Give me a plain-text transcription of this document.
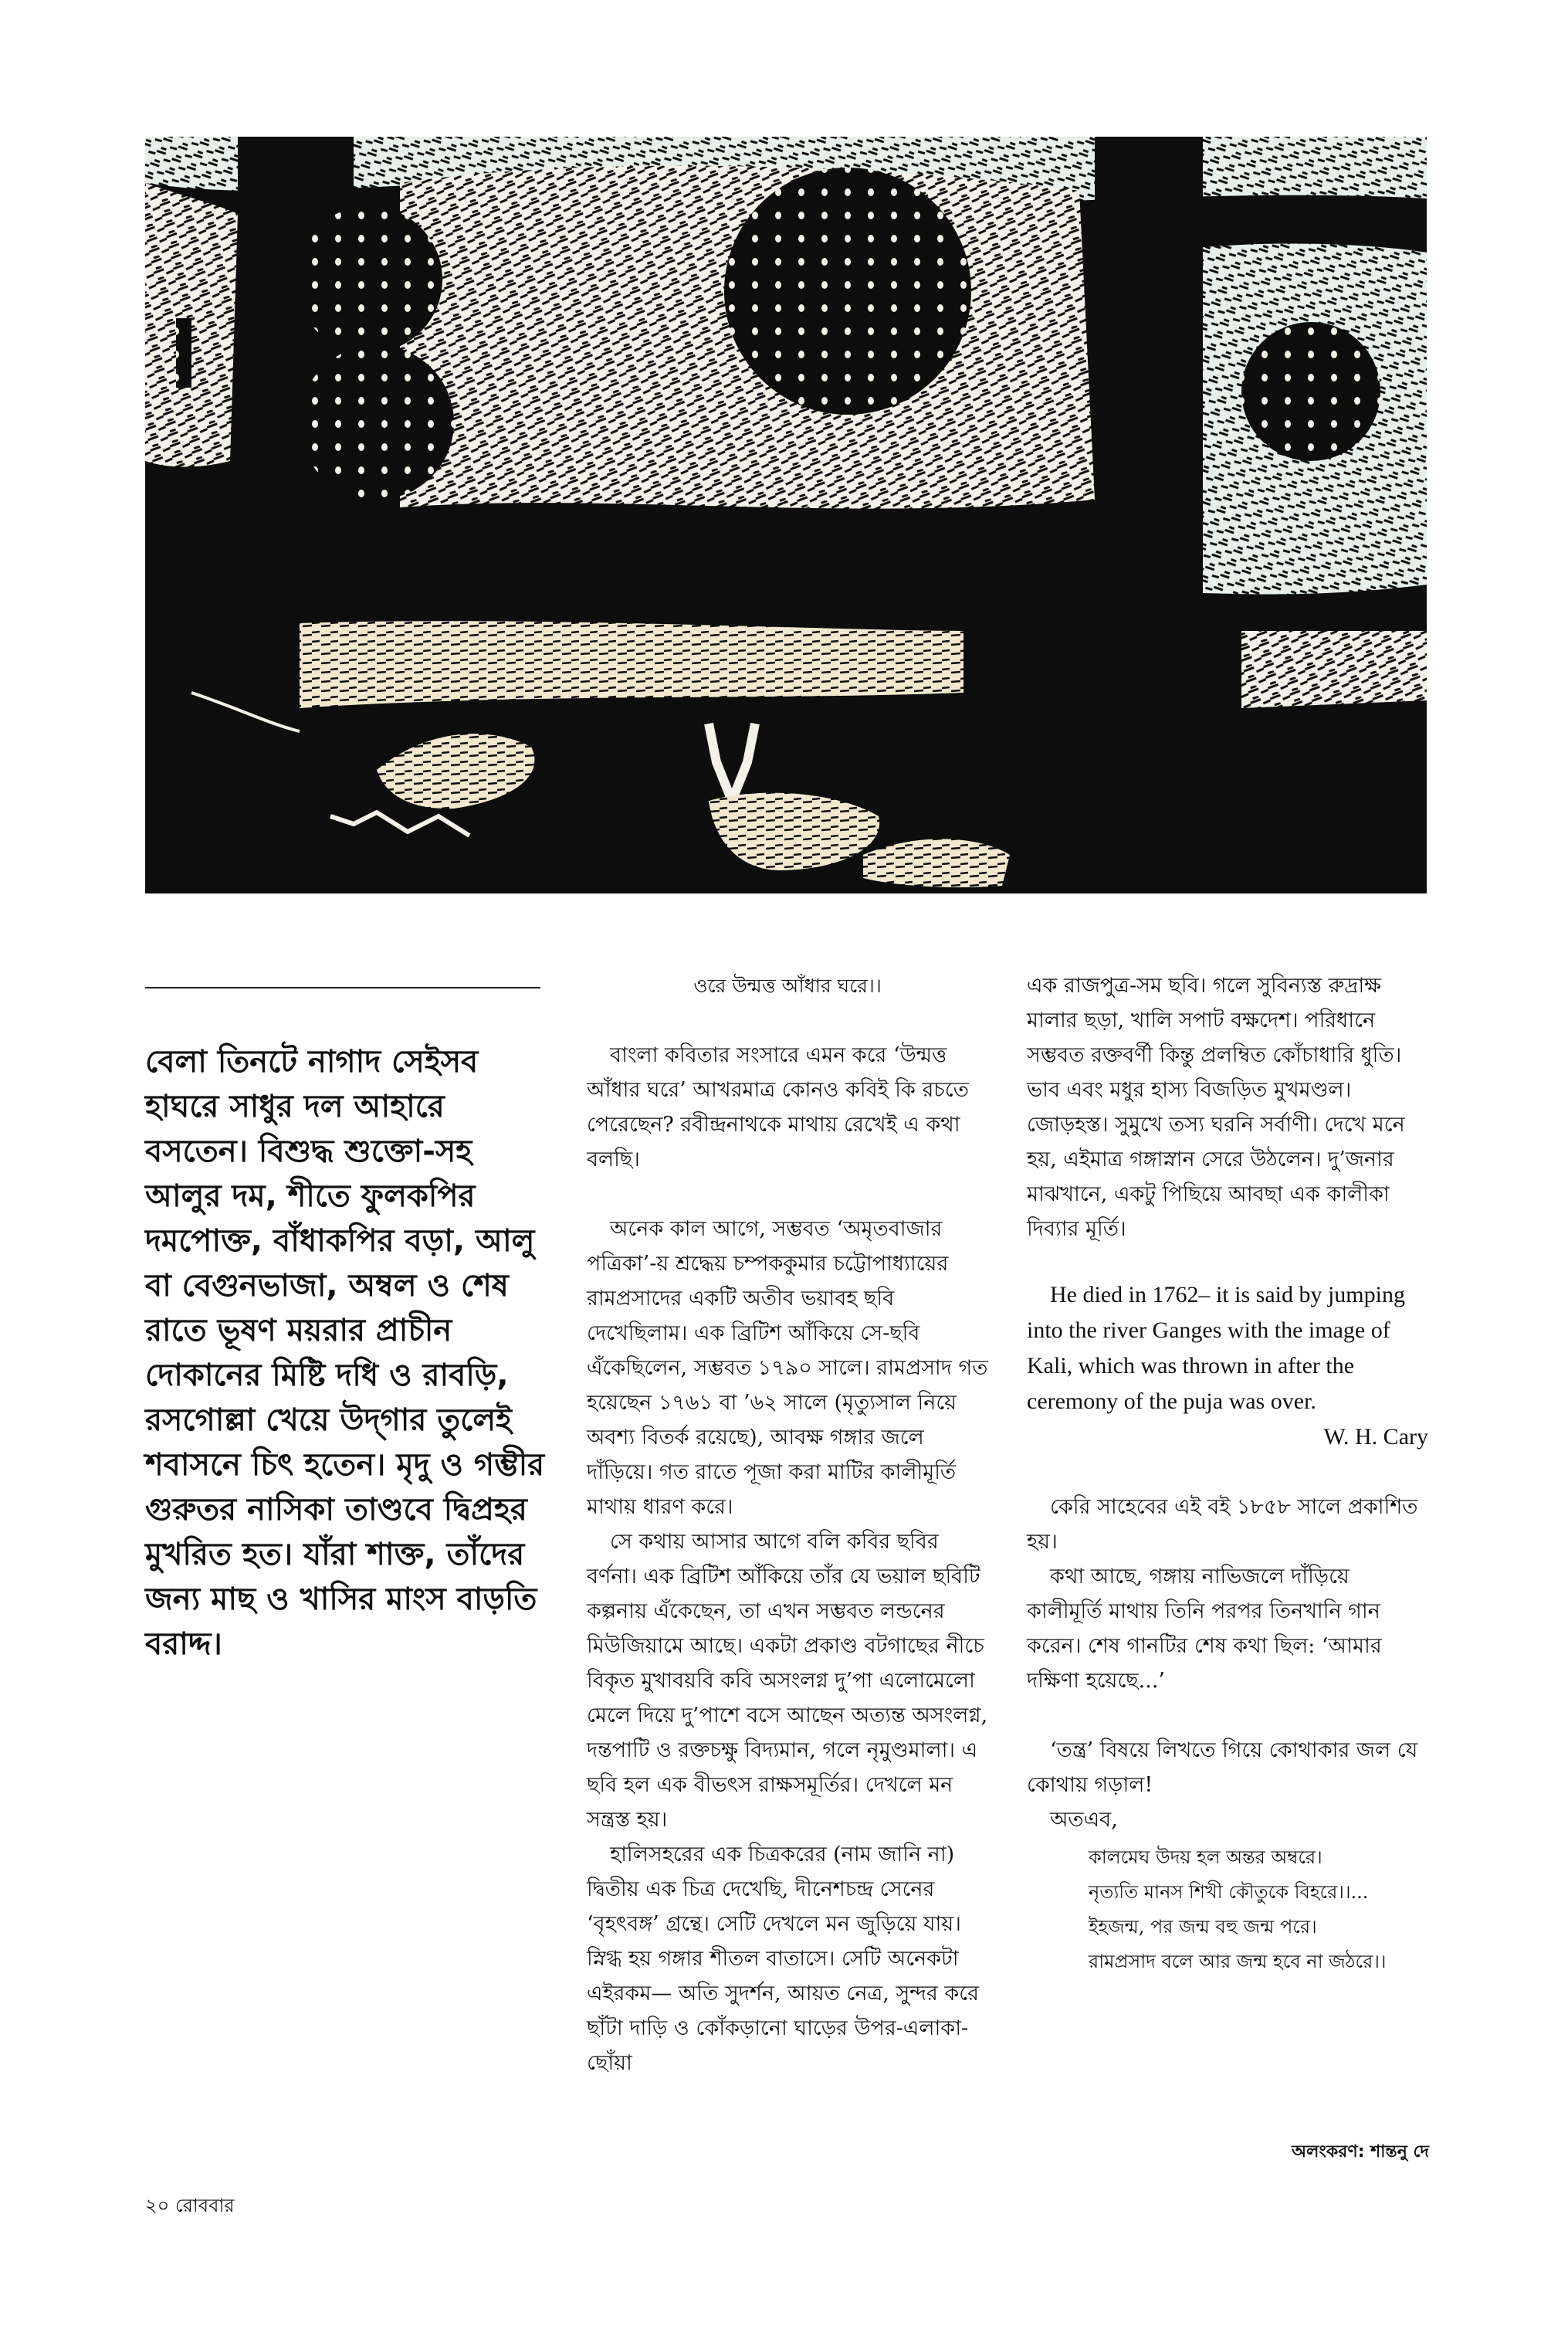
বেলা তিনটে নাগাদ সেইসব হাঘরে সাধুর দল আহারে বসতেন। বিশুদ্ধ শুক্তো-সহ আলুর দম, শীতে ফুলকপির দমপোক্ত, বাঁধাকপির বড়া, আলু বা বেগুনভাজা, অম্বল ও শেষ রাতে ভূষণ ময়রার প্রাচীন দোকানের মিষ্টি দধি ও রাবড়ি, রসগোল্লা খেয়ে উদ্‌গার তুলেই শবাসনে চিৎ হতেন। মৃদু ও গম্ভীর গুরুতর নাসিকা তাণ্ডবে দ্বিপ্রহর মুখরিত হত। যাঁরা শাক্ত, তাঁদের জন্য মাছ ও খাসির মাংস বাড়তি বরাদ্দ।

ওরে উন্মত্ত আঁধার ঘরে।।

বাংলা কবিতার সংসারে এমন করে ‘উন্মত্ত আঁধার ঘরে’ আখরমাত্র কোনও কবিই কি রচতে পেরেছেন? রবীন্দ্রনাথকে মাথায় রেখেই এ কথা বলছি।

অনেক কাল আগে, সম্ভবত ‘অমৃতবাজার পত্রিকা’-য় শ্রদ্ধেয় চম্পককুমার চট্টোপাধ্যায়ের রামপ্রসাদের একটি অতীব ভয়াবহ ছবি দেখেছিলাম। এক ব্রিটিশ আঁকিয়ে সে-ছবি এঁকেছিলেন, সম্ভবত ১৭৯০ সালে। রামপ্রসাদ গত হয়েছেন ১৭৬১ বা ’৬২ সালে (মৃত্যুসাল নিয়ে অবশ্য বিতর্ক রয়েছে), আবক্ষ গঙ্গার জলে দাঁড়িয়ে। গত রাতে পূজা করা মাটির কালীমূর্তি মাথায় ধারণ করে।

সে কথায় আসার আগে বলি কবির ছবির বর্ণনা। এক ব্রিটিশ আঁকিয়ে তাঁর যে ভয়াল ছবিটি কল্পনায় এঁকেছেন, তা এখন সম্ভবত লন্ডনের মিউজিয়ামে আছে। একটা প্রকাণ্ড বটগাছের নীচে বিকৃত মুখাবয়বি কবি অসংলগ্ন দু’পা এলোমেলো মেলে দিয়ে দু’পাশে বসে আছেন অত্যন্ত অসংলগ্ন, দন্তপাটি ও রক্তচক্ষু বিদ্যমান, গলে নৃমুণ্ডমালা। এ ছবি হল এক বীভৎস রাক্ষসমূর্তির। দেখলে মন সন্ত্রস্ত হয়।

হালিসহরের এক চিত্রকরের (নাম জানি না) দ্বিতীয় এক চিত্র দেখেছি, দীনেশচন্দ্র সেনের ‘বৃহৎবঙ্গ’ গ্রন্থে। সেটি দেখলে মন জুড়িয়ে যায়। স্নিগ্ধ হয় গঙ্গার শীতল বাতাসে। সেটি অনেকটা এইরকম— অতি সুদর্শন, আয়ত নেত্র, সুন্দর করে ছাঁটা দাড়ি ও কোঁকড়ানো ঘাড়ের উপর-এলাকা-ছোঁয়া

এক রাজপুত্র-সম ছবি। গলে সুবিন্যস্ত রুদ্রাক্ষ মালার ছড়া, খালি সপাট বক্ষদেশ। পরিধানে সম্ভবত রক্তবর্ণী কিন্তু প্রলম্বিত কোঁচাধারি ধুতি। ভাব এবং মধুর হাস্য বিজড়িত মুখমণ্ডল। জোড়হস্ত। সুমুখে তস্য ঘরনি সর্বাণী। দেখে মনে হয়, এইমাত্র গঙ্গাস্নান সেরে উঠলেন। দু’জনার মাঝখানে, একটু পিছিয়ে আবছা এক কালীকা দিব্যার মূর্তি।

He died in 1762– it is said by jumping into the river Ganges with the image of Kali, which was thrown in after the ceremony of the puja was over.

W. H. Cary

কেরি সাহেবের এই বই ১৮৫৮ সালে প্রকাশিত হয়।

কথা আছে, গঙ্গায় নাভিজলে দাঁড়িয়ে কালীমূর্তি মাথায় তিনি পরপর তিনখানি গান করেন। শেষ গানটির শেষ কথা ছিল: ‘আমার দক্ষিণা হয়েছে...’

‘তন্ত্র’ বিষয়ে লিখতে গিয়ে কোথাকার জল যে কোথায় গড়াল!

অতএব,

কালমেঘ উদয় হল অন্তর অম্বরে।

নৃত্যতি মানস শিখী কৌতুকে বিহরে।।...

ইহজন্ম, পর জন্ম বহু জন্ম পরে।

রামপ্রসাদ বলে আর জন্ম হবে না জঠরে।।

অলংকরণ: শান্তনু দে
২০ রোববার
